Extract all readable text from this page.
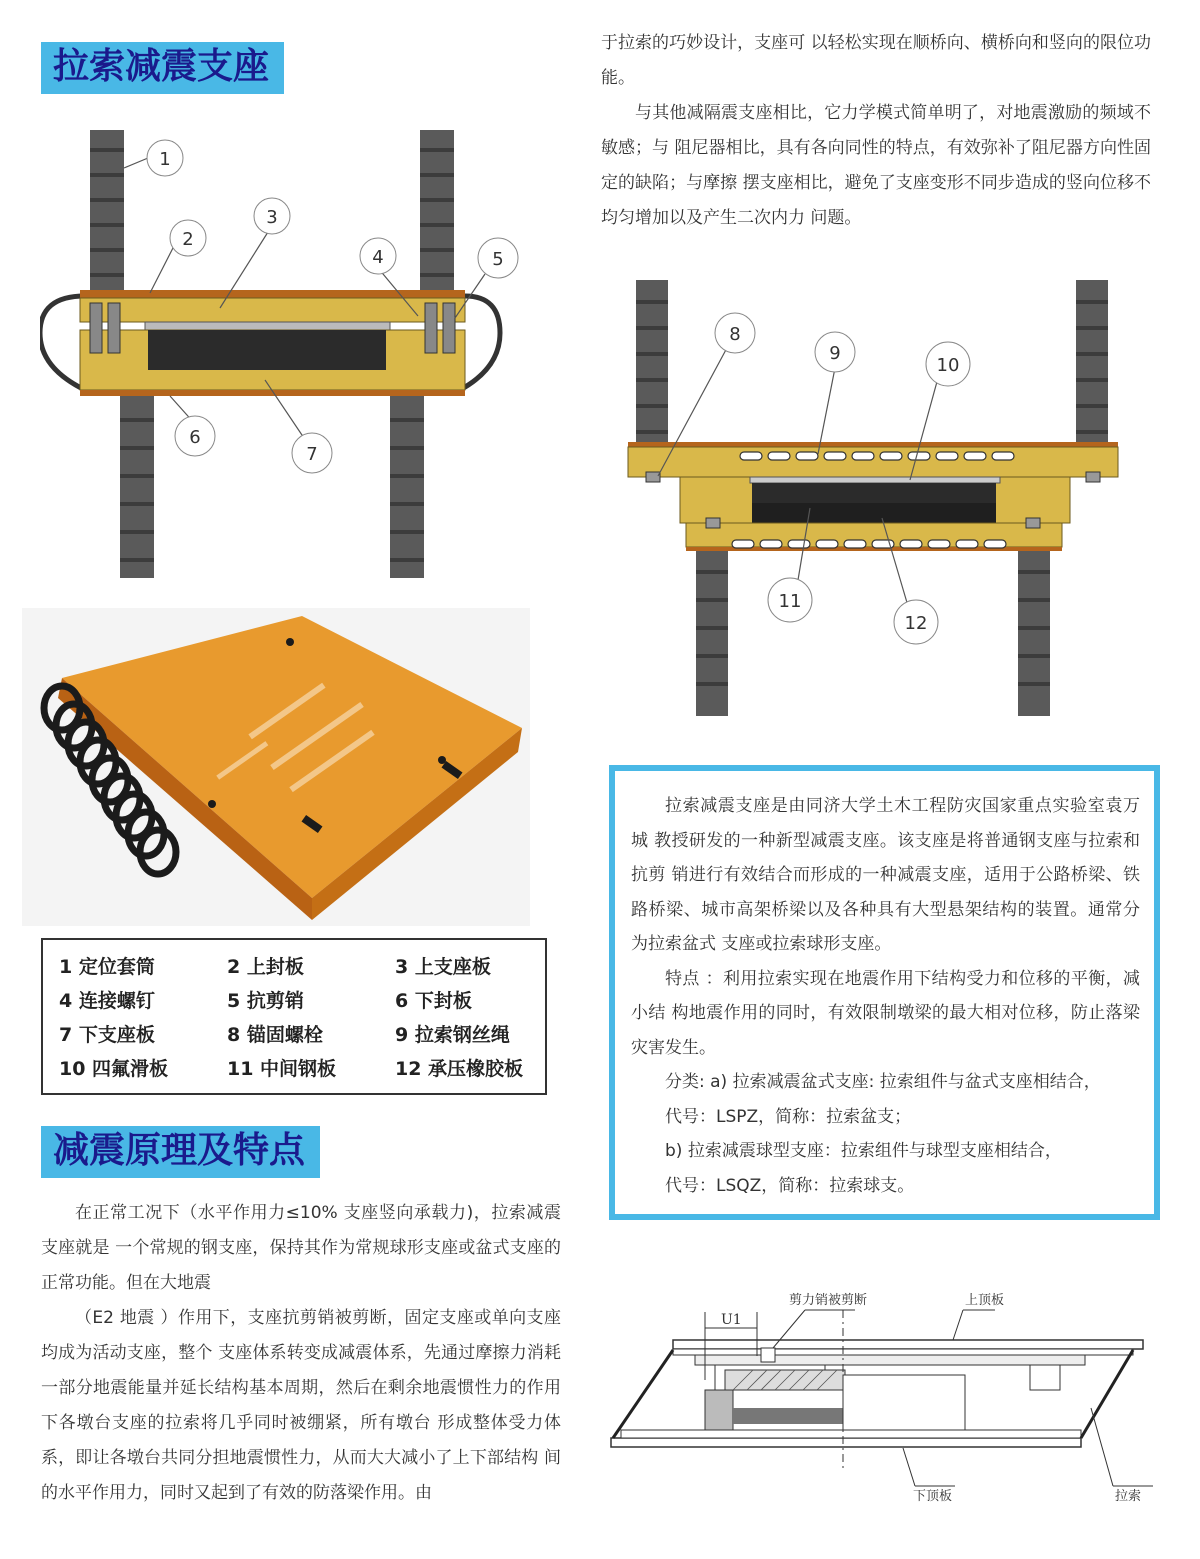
拉索减震支座
1
2
3
4	5
6
7
1 定位套筒	2 上封板	3 上支座板
4 连接螺钉	5 抗剪销	6 下封板
7 下支座板	8 锚固螺栓	9 拉索钢丝绳
10 四氟滑板	11 中间钢板	12 承压橡胶板
减震原理及特点

在正常工况下（水平作用力≤10% 支座竖向承载力)，拉索减震支座就是 一个常规的钢支座，保持其作为常规球形支座或盆式支座的正常功能。但在大地震

（E2 地震 ）作用下，支座抗剪销被剪断，固定支座或单向支座均成为活动支座，整个 支座体系转变成减震体系，先通过摩擦力消耗一部分地震能量并延长结构基本周期，然后在剩余地震惯性力的作用下各墩台支座的拉索将几乎同时被绷紧，所有墩台 形成整体受力体系，即让各墩台共同分担地震惯性力，从而大大减小了上下部结构 间的水平作用力，同时又起到了有效的防落梁作用。由

于拉索的巧妙设计，支座可 以轻松实现在顺桥向、横桥向和竖向的限位功能。

与其他减隔震支座相比，它力学模式简单明了，对地震激励的频域不敏感；与 阻尼器相比，具有各向同性的特点，有效弥补了阻尼器方向性固定的缺陷；与摩擦 摆支座相比，避免了支座变形不同步造成的竖向位移不均匀增加以及产生二次内力 问题。

8
9
10
11
12

拉索减震支座是由同济大学土木工程防灾国家重点实验室袁万城 教授研发的一种新型减震支座。该支座是将普通钢支座与拉索和抗剪 销进行有效结合而形成的一种减震支座，适用于公路桥梁、铁路桥梁、城市高架桥梁以及各种具有大型悬架结构的装置。通常分为拉索盆式 支座或拉索球形支座。

特点 ：利用拉索实现在地震作用下结构受力和位移的平衡，减小结 构地震作用的同时，有效限制墩梁的最大相对位移，防止落梁灾害发生。

分类: a) 拉索减震盆式支座: 拉索组件与盆式支座相结合，

代号：LSPZ，简称：拉索盆支；

b) 拉索减震球型支座：拉索组件与球型支座相结合，

代号：LSQZ，简称：拉索球支。

U1
剪力销被剪断	上顶板
下顶板	拉索
